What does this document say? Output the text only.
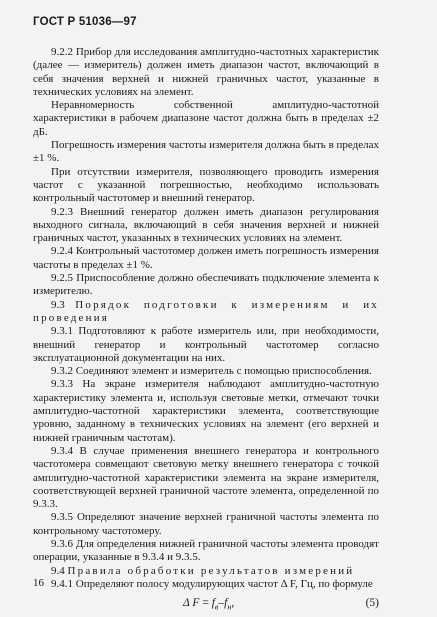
ГОСТ Р 51036—97

9.2.2 Прибор для исследования амплитудно-частотных характеристик (далее — измеритель) должен иметь диапазон частот, включающий в себя значения верхней и нижней граничных частот, указанные в технических условиях на элемент.

Неравномерность собственной амплитудно-частотной характеристики в рабочем диапазоне частот должна быть в пределах ±2 дБ.

Погрешность измерения частоты измерителя должна быть в пределах ±1 %.

При отсутствии измерителя, позволяющего проводить измерения частот с указанной погрешностью, необходимо использовать контрольный частотомер и внешний генератор.

9.2.3 Внешний генератор должен иметь диапазон регулирования выходного сигнала, включающий в себя значения верхней и нижней граничных частот, указанных в технических условиях на элемент.

9.2.4 Контрольный частотомер должен иметь погрешность измерения частоты в пределах ±1 %.

9.2.5 Приспособление должно обеспечивать подключение элемента к измерителю.

9.3 Порядок подготовки к измерениям и их проведения

9.3.1 Подготовляют к работе измеритель или, при необходимости, внешний генератор и контрольный частотомер согласно эксплуатационной документации на них.

9.3.2 Соединяют элемент и измеритель с помощью приспособления.

9.3.3 На экране измерителя наблюдают амплитудно-частотную характеристику элемента и, используя световые метки, отмечают точки амплитудно-частотной характеристики элемента, соответствующие уровню, заданному в технических условиях на элемент (его верхней и нижней граничным частотам).

9.3.4 В случае применения внешнего генератора и контрольного частотомера совмещают световую метку внешнего генератора с точкой амплитудно-частотной характеристики элемента на экране измерителя, соответствующей верхней граничной частоте элемента, определенной по 9.3.3.

9.3.5 Определяют значение верхней граничной частоты элемента по контрольному частотомеру.

9.3.6 Для определения нижней граничной частоты элемента проводят операции, указанные в 9.3.4 и 9.3.5.

9.4 Правила обработки результатов измерений

9.4.1 Определяют полосу модулирующих частот Δ F, Гц, по формуле

Δ $F = f_в-f_н$,	(5)
16
